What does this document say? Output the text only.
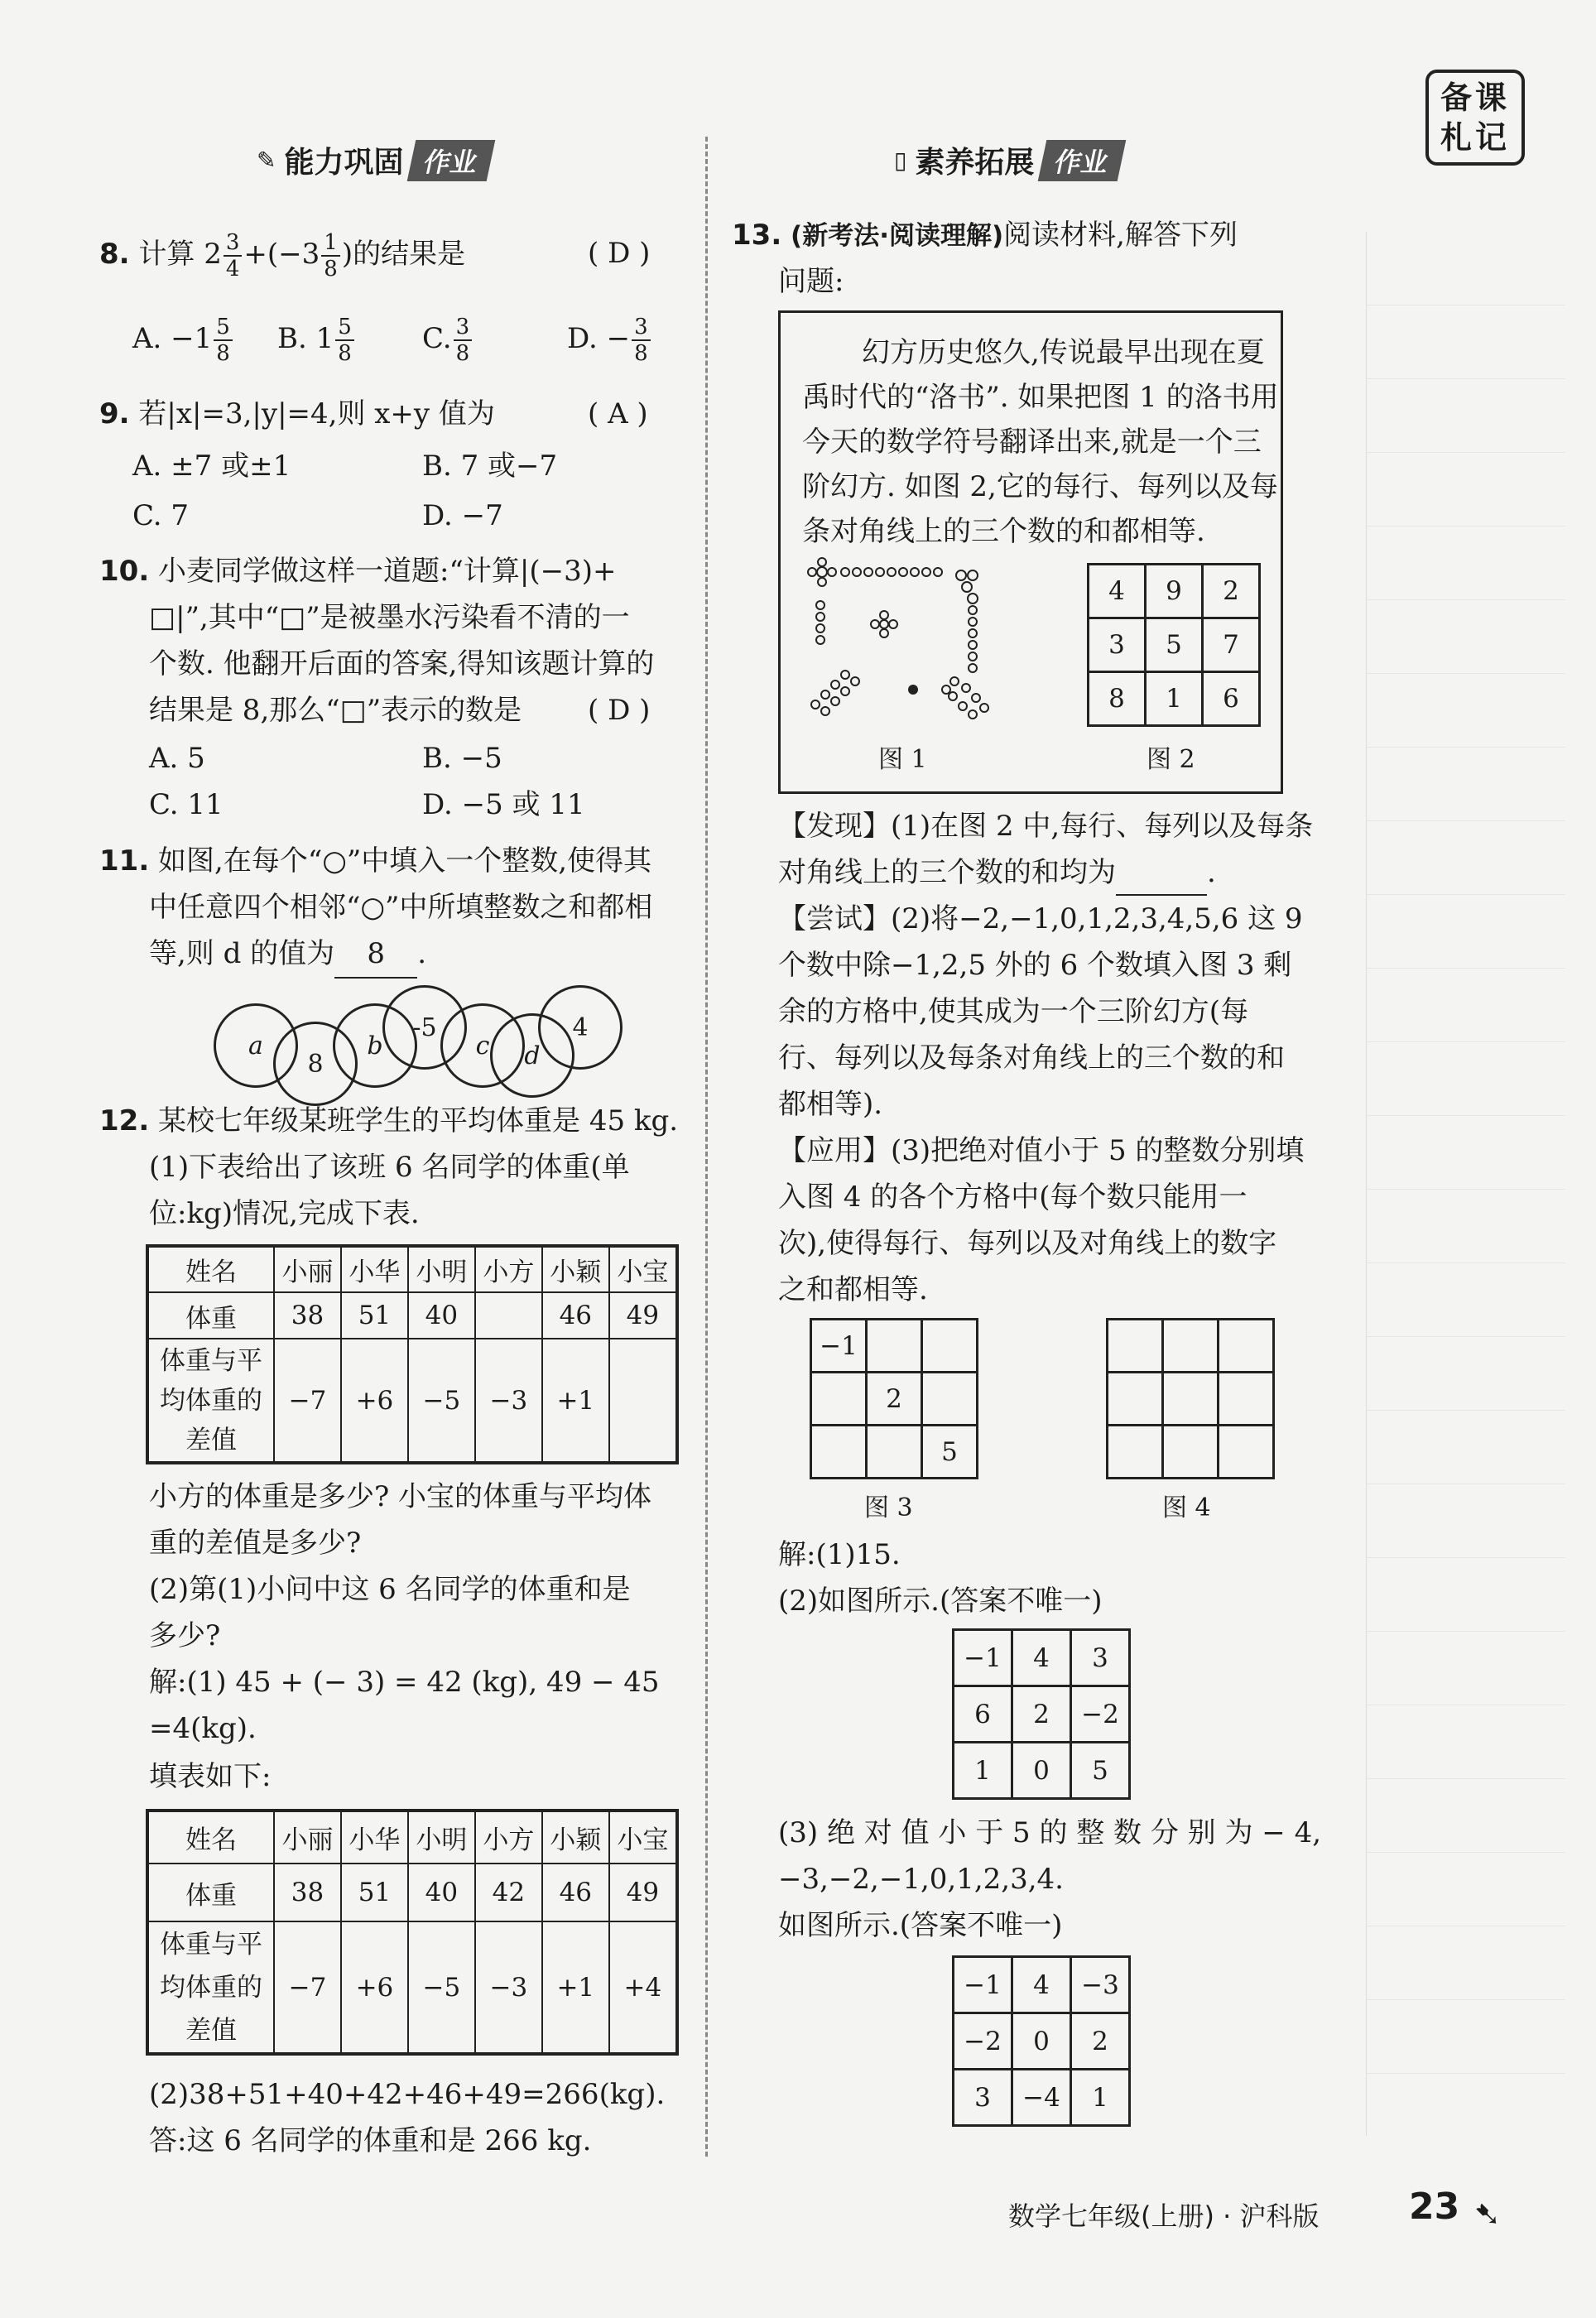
备课
札记
✎ 能力巩固 作业
8. 计算 $2 \frac{3}{4} +(-3 \frac{1}{8}$ )的结果是	( D )
A. $-1 \frac{5}{8} B$. $1 \frac{5}{8} C$. $\frac{3}{8}$	D. − $\frac{3}{8}$
9. 若|x|=3,|y|=4,则 x+y 值为	( A )
A. ±7 或±1	B. 7 或−7
C. 7	D. −7
10. 小麦同学做这样一道题:“计算|(−3)+
□|”,其中“□”是被墨水污染看不清的一
个数. 他翻开后面的答案,得知该题计算的
结果是 8,那么“□”表示的数是 ( D )
A. 5	B. −5
C. 11	D. −5 或 11
11. 如图,在每个“○”中填入一个整数,使得其
中任意四个相邻“○”中所填整数之和都相
等,则 d 的值为 8 .
a
8
b
-5
c	d
4
12. 某校七年级某班学生的平均体重是 45 kg.
(1)下表给出了该班 6 名同学的体重(单
位:kg)情况,完成下表.
姓名	小丽	小华	小明	小方	小颖	小宝
体重	38	51	40		46	49
体重与平
均体重的
差值	−7	+6	−5	−3	+1	
小方的体重是多少? 小宝的体重与平均体
重的差值是多少?
(2)第(1)小问中这 6 名同学的体重和是
多少?
解:(1) 45 + (− 3) = 42 (kg), 49 − 45
=4(kg).
填表如下:
姓名	小丽	小华	小明	小方	小颖	小宝
体重	38	51	40	42	46	49
体重与平
均体重的
差值	−7	+6	−5	−3	+1	+4
(2)38+51+40+42+46+49=266(kg).
答:这 6 名同学的体重和是 266 kg.
▯ 素养拓展 作业
13. (新考法·阅读理解)阅读材料,解答下列
问题:
幻方历史悠久,传说最早出现在夏
禹时代的“洛书”. 如果把图 1 的洛书用
今天的数学符号翻译出来,就是一个三
阶幻方. 如图 2,它的每行、每列以及每
条对角线上的三个数的和都相等.
图 1
4	9	2
3	5	7
8	1	6
图 2
【发现】(1)在图 2 中,每行、每列以及每条
对角线上的三个数的和均为	.
【尝试】(2)将−2,−1,0,1,2,3,4,5,6 这 9
个数中除−1,2,5 外的 6 个数填入图 3 剩
余的方格中,使其成为一个三阶幻方(每
行、每列以及每条对角线上的三个数的和
都相等).
【应用】(3)把绝对值小于 5 的整数分别填
入图 4 的各个方格中(每个数只能用一
次),使得每行、每列以及对角线上的数字
之和都相等.
−1		
	2	
		5
图 3

			图 4
解:(1)15.
(2)如图所示.(答案不唯一)
−1	4	3
6	2	−2
1	0	5
(3) 绝 对 值 小 于 5 的 整 数 分 别 为 − 4,
−3,−2,−1,0,1,2,3,4.
如图所示.(答案不唯一)
−1	4	−3
−2	0	2
3	−4	1
数学七年级(上册) · 沪科版 23 ➷
